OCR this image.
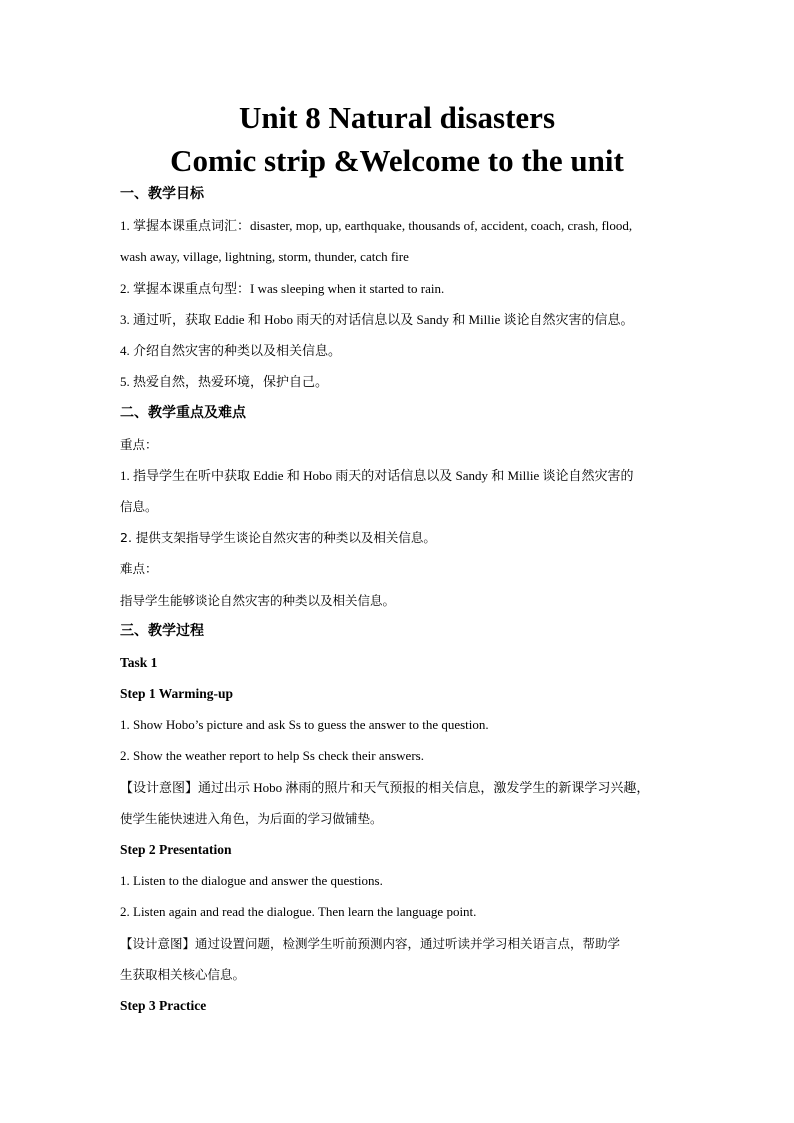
Unit 8 Natural disasters
Comic strip &Welcome to the unit
一、教学目标
1. 掌握本课重点词汇：disaster, mop, up, earthquake, thousands of, accident, coach, crash, flood,
wash away, village, lightning, storm, thunder, catch fire
2. 掌握本课重点句型：I was sleeping when it started to rain.
3. 通过听，获取 Eddie 和 Hobo 雨天的对话信息以及 Sandy 和 Millie 谈论自然灾害的信息。
4. 介绍自然灾害的种类以及相关信息。
5. 热爱自然，热爱环境，保护自己。
二、教学重点及难点
重点：
1. 指导学生在听中获取 Eddie 和 Hobo 雨天的对话信息以及 Sandy 和 Millie 谈论自然灾害的
信息。
2. 提供支架指导学生谈论自然灾害的种类以及相关信息。
难点：
指导学生能够谈论自然灾害的种类以及相关信息。
三、教学过程
Task 1
Step 1 Warming-up
1. Show Hobo’s picture and ask Ss to guess the answer to the question.
2. Show the weather report to help Ss check their answers.
【设计意图】通过出示 Hobo 淋雨的照片和天气预报的相关信息，激发学生的新课学习兴趣，
使学生能快速进入角色，为后面的学习做铺垫。
Step 2 Presentation
1. Listen to the dialogue and answer the questions.
2. Listen again and read the dialogue. Then learn the language point.
【设计意图】通过设置问题，检测学生听前预测内容，通过听读并学习相关语言点，帮助学
生获取相关核心信息。
Step 3 Practice
